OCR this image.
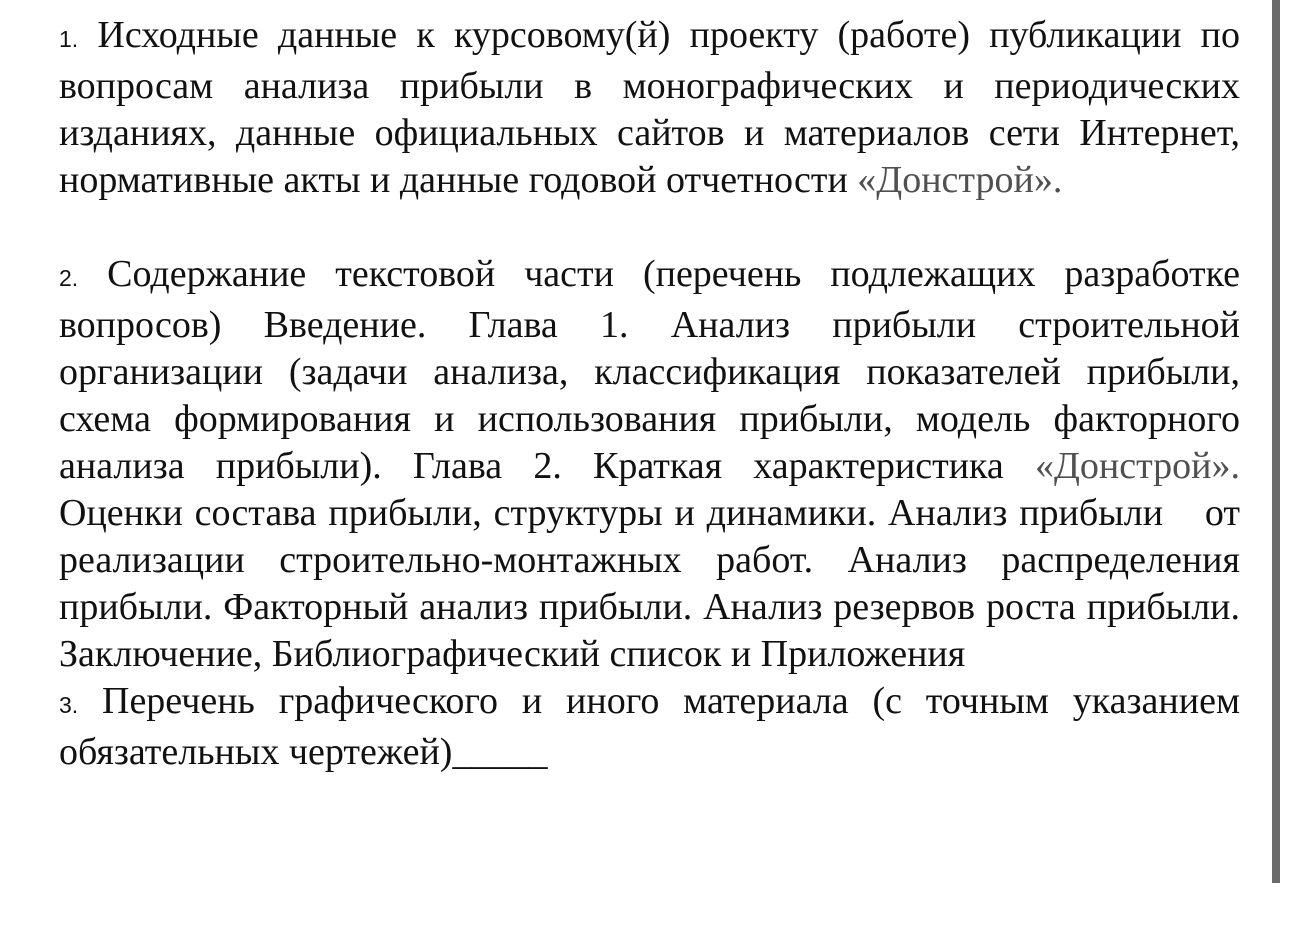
1. Исходные данные к курсовому(й) проекту (работе) публикации по вопросам анализа прибыли в монографических и периодических изданиях, данные официальных сайтов и материалов сети Интернет, нормативные акты и данные годовой отчетности «Донстрой».

2. Содержание текстовой части (перечень подлежащих разработке вопросов) Введение. Глава 1. Анализ прибыли строительной организации (задачи анализа, классификация показателей прибыли, схема формирования и использования прибыли, модель факторного анализа прибыли). Глава 2. Краткая характеристика «Донстрой». Оценки состава прибыли, структуры и динамики. Анализ прибыли от реализации строительно-монтажных работ. Анализ распределения прибыли. Факторный анализ прибыли. Анализ резервов роста прибыли. Заключение, Библиографический список и Приложения

3. Перечень графического и иного материала (с точным указанием обязательных чертежей)_____
